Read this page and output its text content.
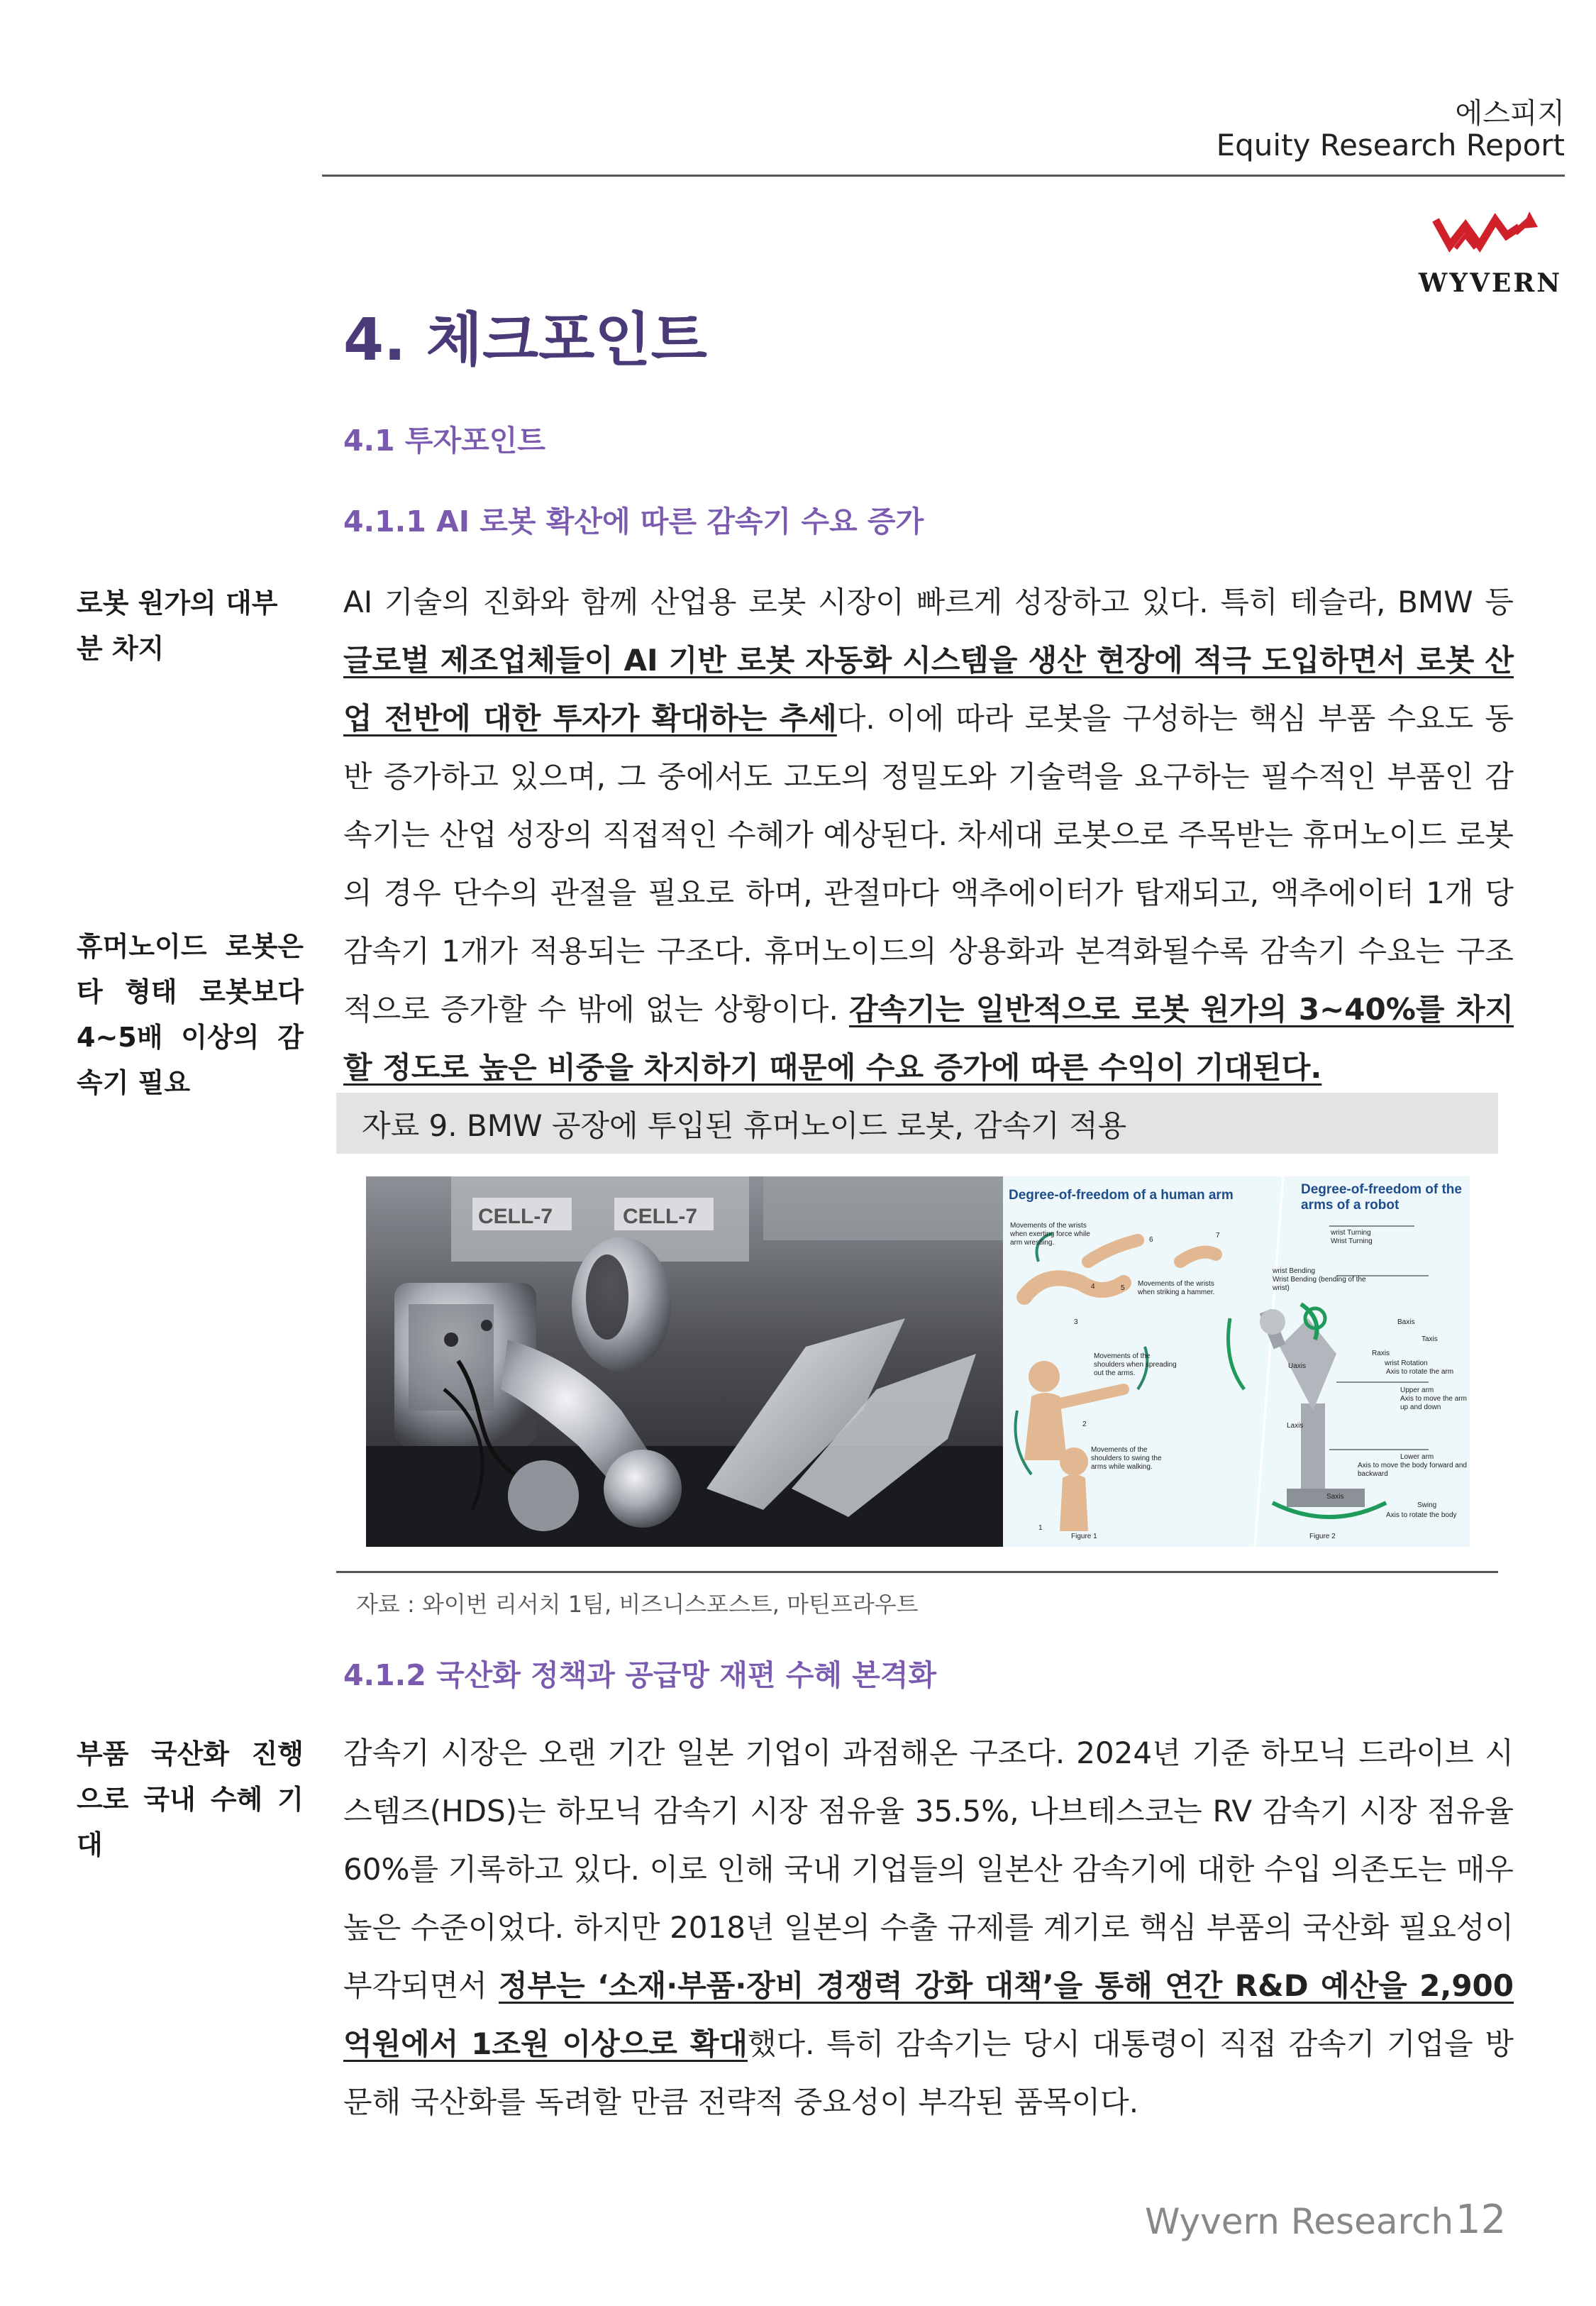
에스피지
Equity Research Report
WYVERN
4. 체크포인트
4.1 투자포인트
4.1.1 AI 로봇 확산에 따른 감속기 수요 증가
로봇 원가의 대부분 차지
휴머노이드 로봇은 타 형태 로봇보다 4~5배 이상의 감속기 필요

AI 기술의 진화와 함께 산업용 로봇 시장이 빠르게 성장하고 있다. 특히 테슬라, BMW 등 글로벌 제조업체들이 AI 기반 로봇 자동화 시스템을 생산 현장에 적극 도입하면서 로봇 산업 전반에 대한 투자가 확대하는 추세다. 이에 따라 로봇을 구성하는 핵심 부품 수요도 동반 증가하고 있으며, 그 중에서도 고도의 정밀도와 기술력을 요구하는 필수적인 부품인 감속기는 산업 성장의 직접적인 수혜가 예상된다. 차세대 로봇으로 주목받는 휴머노이드 로봇의 경우 단수의 관절을 필요로 하며, 관절마다 액추에이터가 탑재되고, 액추에이터 1개 당 감속기 1개가 적용되는 구조다. 휴머노이드의 상용화과 본격화될수록 감속기 수요는 구조적으로 증가할 수 밖에 없는 상황이다. 감속기는 일반적으로 로봇 원가의 3~40%를 차지할 정도로 높은 비중을 차지하기 때문에 수요 증가에 따른 수익이 기대된다.

자료 9. BMW 공장에 투입된 휴머노이드 로봇, 감속기 적용
CELL-7	CELL-7
Degree-of-freedom of a human arm	Degree-of-freedom of the arms of a robot
Movements of the wrists when exerting force while arm wrestling.
Movements of the wrists when striking a hammer.
Movements of the shoulders when spreading out the arms.
Movements of the shoulders to swing the arms while walking.
1
2
3
4	5
6
7
Figure 1
wrist Turning
Wrist Turning
wrist Bending
Wrist Bending (bending of the wrist)
Baxis
Taxis
Raxis
wrist Rotation
Axis to rotate the arm
Uaxis
Upper arm
Axis to move the arm up and down
Laxis
Lower arm
Axis to move the body forward and backward
Saxis
Swing
Axis to rotate the body
Figure 2
자료 : 와이번 리서치 1팀, 비즈니스포스트, 마틴프라우트
4.1.2 국산화 정책과 공급망 재편 수혜 본격화
부품 국산화 진행으로 국내 수혜 기대

감속기 시장은 오랜 기간 일본 기업이 과점해온 구조다. 2024년 기준 하모닉 드라이브 시스템즈(HDS)는 하모닉 감속기 시장 점유율 35.5%, 나브테스코는 RV 감속기 시장 점유율 60%를 기록하고 있다. 이로 인해 국내 기업들의 일본산 감속기에 대한 수입 의존도는 매우 높은 수준이었다. 하지만 2018년 일본의 수출 규제를 계기로 핵심 부품의 국산화 필요성이 부각되면서 정부는 ‘소재·부품·장비 경쟁력 강화 대책’을 통해 연간 R&D 예산을 2,900억원에서 1조원 이상으로 확대했다. 특히 감속기는 당시 대통령이 직접 감속기 기업을 방문해 국산화를 독려할 만큼 전략적 중요성이 부각된 품목이다.

Wyvern Research 12
